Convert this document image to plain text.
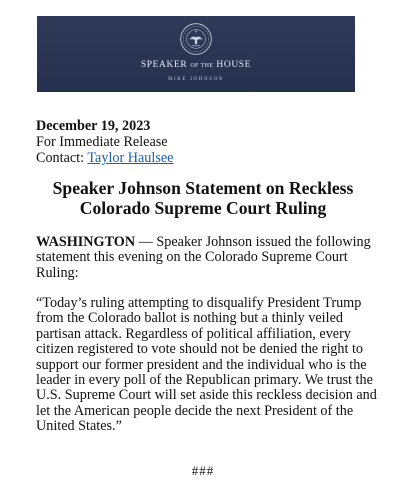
SPEAKER OF THE HOUSE
MIKE JOHNSON
December 19, 2023
For Immediate Release
Contact: Taylor Haulsee
Speaker Johnson Statement on Reckless
Colorado Supreme Court Ruling

WASHINGTON — Speaker Johnson issued the following statement this evening on the Colorado Supreme Court Ruling:

“Today’s ruling attempting to disqualify President Trump from the Colorado ballot is nothing but a thinly veiled partisan attack. Regardless of political affiliation, every citizen registered to vote should not be denied the right to support our former president and the individual who is the leader in every poll of the Republican primary. We trust the U.S. Supreme Court will set aside this reckless decision and let the American people decide the next President of the United States.”

###
